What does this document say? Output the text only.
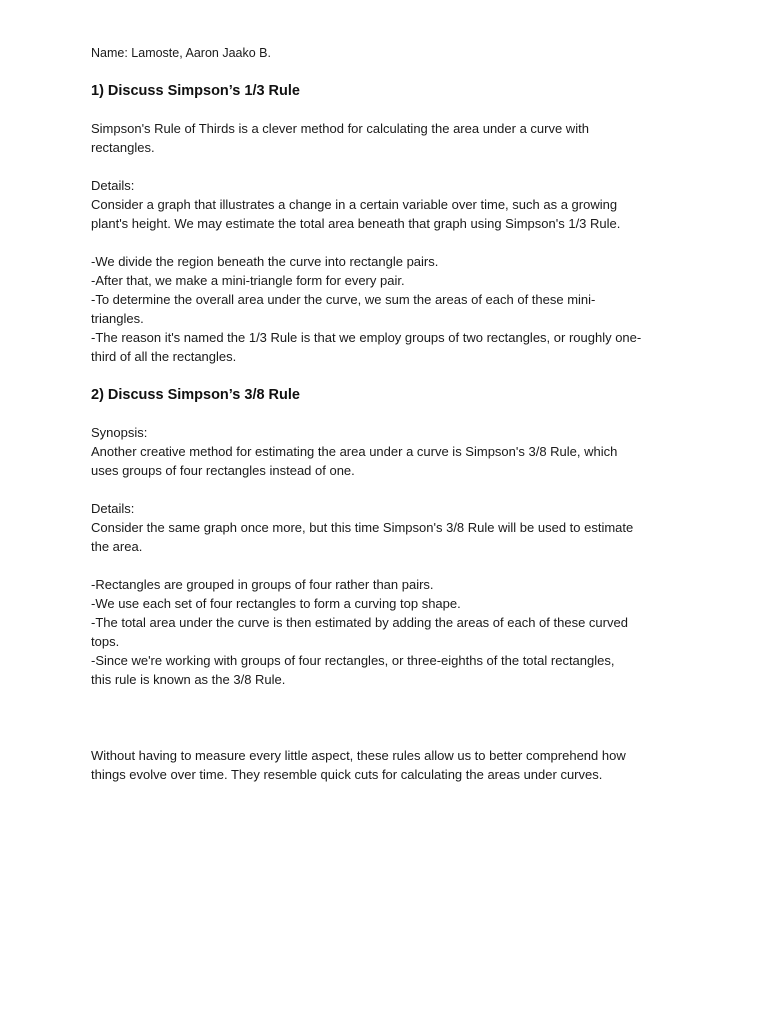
Name: Lamoste, Aaron Jaako B.
1) Discuss Simpson’s 1/3 Rule
Simpson's Rule of Thirds is a clever method for calculating the area under a curve with
rectangles.
Details:
Consider a graph that illustrates a change in a certain variable over time, such as a growing
plant's height. We may estimate the total area beneath that graph using Simpson's 1/3 Rule.
-We divide the region beneath the curve into rectangle pairs.
-After that, we make a mini-triangle form for every pair.
-To determine the overall area under the curve, we sum the areas of each of these mini-
triangles.
-The reason it's named the 1/3 Rule is that we employ groups of two rectangles, or roughly one-
third of all the rectangles.
2) Discuss Simpson’s 3/8 Rule
Synopsis:
Another creative method for estimating the area under a curve is Simpson's 3/8 Rule, which
uses groups of four rectangles instead of one.
Details:
Consider the same graph once more, but this time Simpson's 3/8 Rule will be used to estimate
the area.
-Rectangles are grouped in groups of four rather than pairs.
-We use each set of four rectangles to form a curving top shape.
-The total area under the curve is then estimated by adding the areas of each of these curved
tops.
-Since we're working with groups of four rectangles, or three-eighths of the total rectangles,
this rule is known as the 3/8 Rule.
Without having to measure every little aspect, these rules allow us to better comprehend how
things evolve over time. They resemble quick cuts for calculating the areas under curves.
